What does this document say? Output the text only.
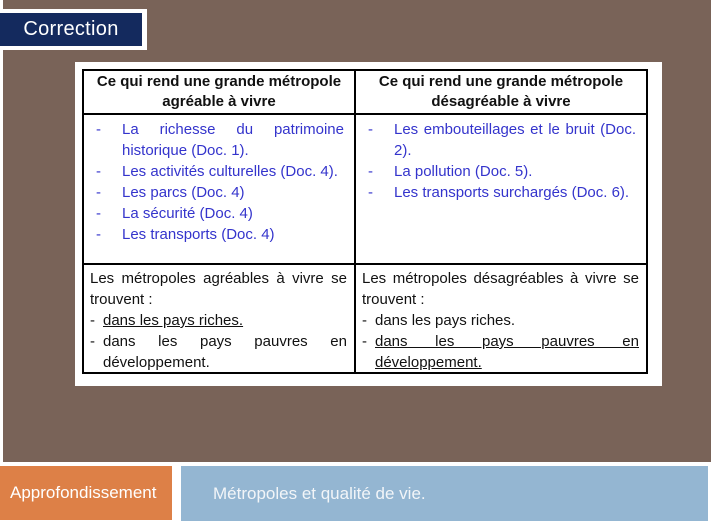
Correction
Ce qui rend une grande métropole agréable à vivre
Ce qui rend une grande métropole désagréable à vivre
-
La richesse du patrimoine historique (Doc. 1).
-
Les activités culturelles (Doc. 4).
-
Les parcs (Doc. 4)
-
La sécurité (Doc. 4)
-
Les transports (Doc. 4)
-
Les embouteillages et le bruit (Doc. 2).
-
La pollution (Doc. 5).
-
Les transports surchargés (Doc. 6).
Les métropoles agréables à vivre se trouvent :
-
dans les pays riches.
-
dans les pays pauvres en développement.
Les métropoles désagréables à vivre se trouvent :
-
dans les pays riches.
-
dans les pays pauvres en développement.
Approfondissement	Métropoles et qualité de vie.
